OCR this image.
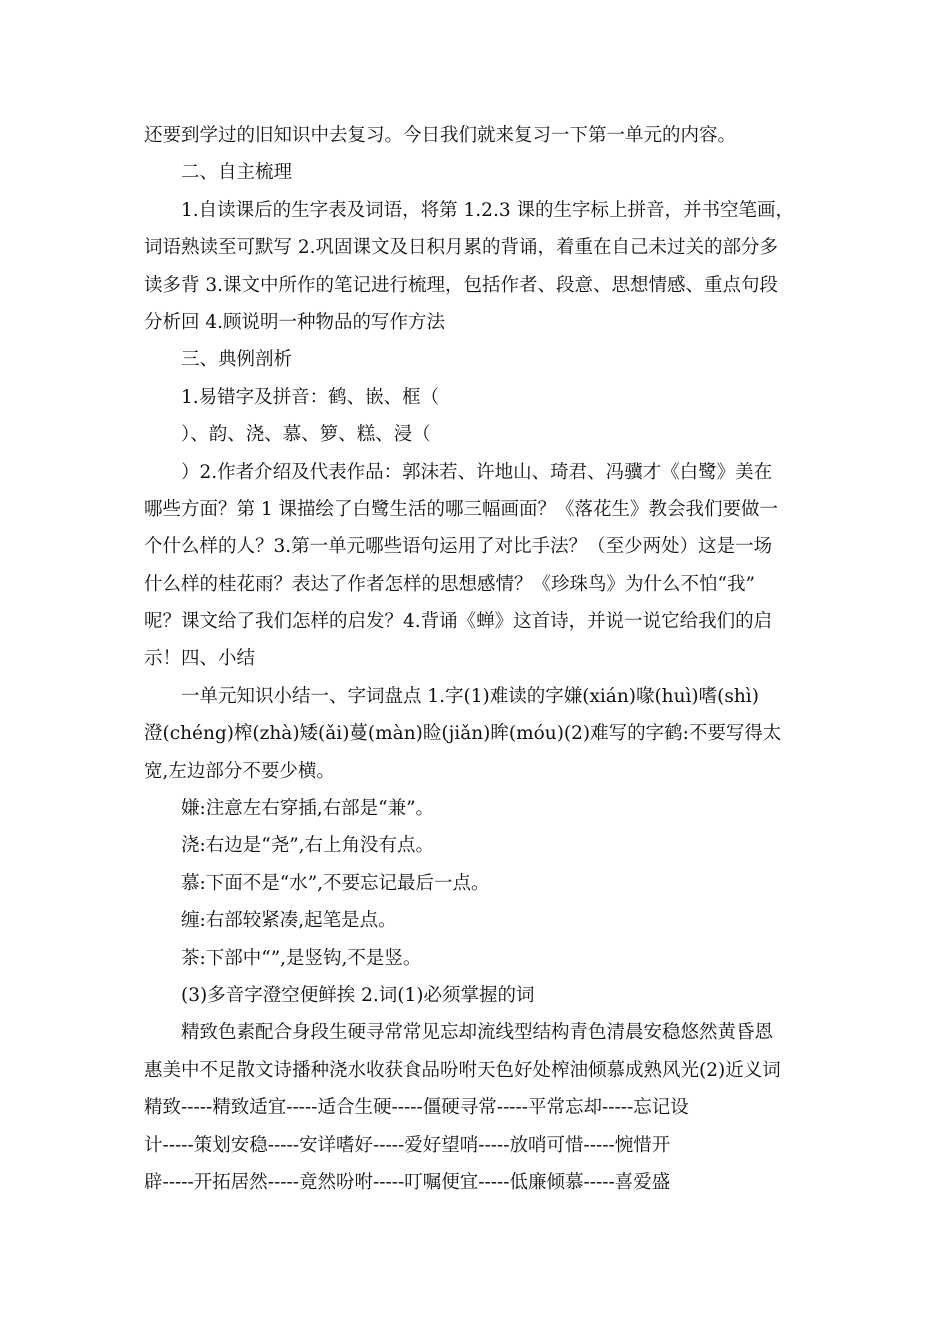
还要到学过的旧知识中去复习。今日我们就来复习一下第一单元的内容。
二、自主梳理
1.自读课后的生字表及词语，将第 1.2.3 课的生字标上拼音，并书空笔画，
词语熟读至可默写 2.巩固课文及日积月累的背诵，着重在自己未过关的部分多
读多背 3.课文中所作的笔记进行梳理，包括作者、段意、思想情感、重点句段
分析回 4.顾说明一种物品的写作方法
三、典例剖析
1.易错字及拼音：鹤、嵌、框（
）、韵、浇、慕、箩、糕、浸（
）2.作者介绍及代表作品：郭沫若、许地山、琦君、冯骥才《白鹭》美在
哪些方面？第 1 课描绘了白鹭生活的哪三幅画面？《落花生》教会我们要做一
个什么样的人？3.第一单元哪些语句运用了对比手法？（至少两处）这是一场
什么样的桂花雨？表达了作者怎样的思想感情？《珍珠鸟》为什么不怕“我”
呢？课文给了我们怎样的启发？4.背诵《蝉》这首诗，并说一说它给我们的启
示！四、小结
一单元知识小结一、字词盘点 1.字(1)难读的字嫌(xián)喙(huì)嗜(shì)
澄(chéng)榨(zhà)矮(ǎi)蔓(màn)睑(jiǎn)眸(móu)(2)难写的字鹤:不要写得太
宽,左边部分不要少横。
嫌:注意左右穿插,右部是“兼”。
浇:右边是“尧”,右上角没有点。
慕:下面不是“水”,不要忘记最后一点。
缠:右部较紧凑,起笔是点。
茶:下部中“”,是竖钩,不是竖。
(3)多音字澄空便鲜挨 2.词(1)必须掌握的词
精致色素配合身段生硬寻常常见忘却流线型结构青色清晨安稳悠然黄昏恩
惠美中不足散文诗播种浇水收获食品吩咐天色好处榨油倾慕成熟风光(2)近义词
精致-----精致适宜-----适合生硬-----僵硬寻常-----平常忘却-----忘记设
计-----策划安稳-----安详嗜好-----爱好望哨-----放哨可惜-----惋惜开
辟-----开拓居然-----竟然吩咐-----叮嘱便宜-----低廉倾慕-----喜爱盛
